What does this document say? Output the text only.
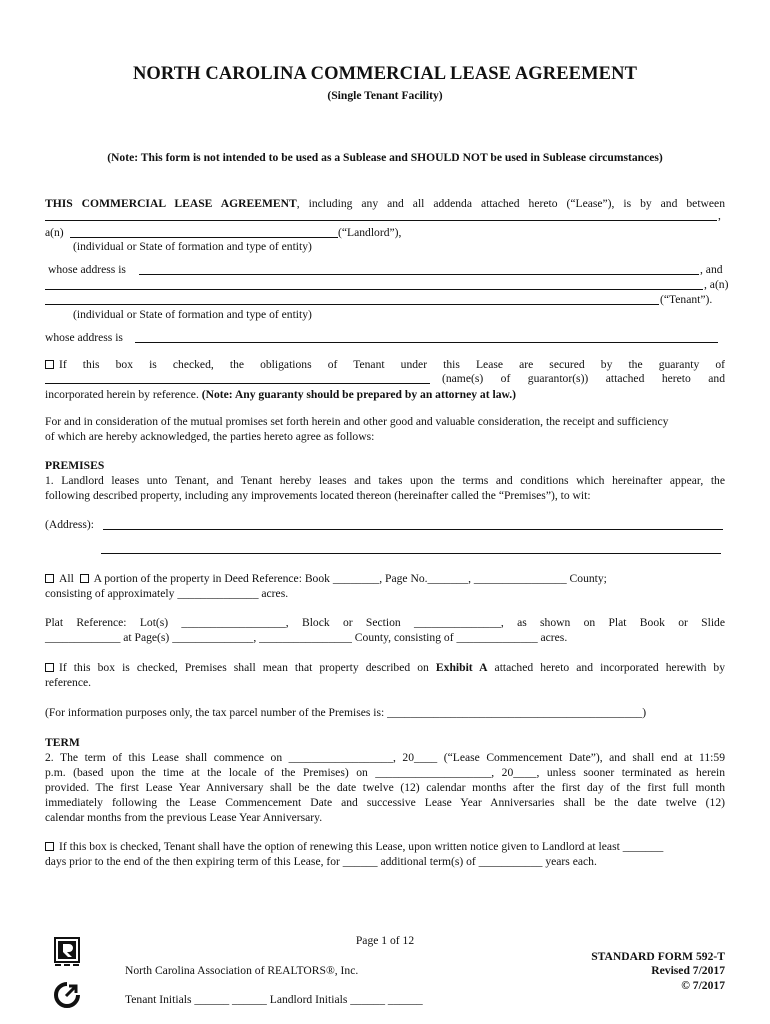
NORTH CAROLINA COMMERCIAL LEASE AGREEMENT
(Single Tenant Facility)
(Note: This form is not intended to be used as a Sublease and SHOULD NOT be used in Sublease circumstances)
THIS COMMERCIAL LEASE AGREEMENT, including any and all addenda attached hereto (“Lease”), is by and between
,
a(n)	(“Landlord”),
(individual or State of formation and type of entity)
whose address is	, and
, a(n)
(“Tenant”).
(individual or State of formation and type of entity)
whose address is
If this box is checked, the obligations of Tenant under this Lease are secured by the guaranty of
(name(s) of guarantor(s)) attached hereto and
incorporated herein by reference. (Note: Any guaranty should be prepared by an attorney at law.)
For and in consideration of the mutual promises set forth herein and other good and valuable consideration, the receipt and sufficiency
of which are hereby acknowledged, the parties hereto agree as follows:
PREMISES
1. Landlord leases unto Tenant, and Tenant hereby leases and takes upon the terms and conditions which hereinafter appear, the
following described property, including any improvements located thereon (hereinafter called the “Premises”), to wit:
(Address):
All A portion of the property in Deed Reference: Book ________, Page No._______, ________________ County;
consisting of approximately ______________ acres.
Plat Reference: Lot(s) __________________, Block or Section _______________, as shown on Plat Book or Slide
_____________ at Page(s) ______________, ________________ County, consisting of ______________ acres.
If this box is checked, Premises shall mean that property described on Exhibit A attached hereto and incorporated herewith by
reference.
(For information purposes only, the tax parcel number of the Premises is: ____________________________________________)
TERM
2. The term of this Lease shall commence on __________________, 20____ (“Lease Commencement Date”), and shall end at 11:59
p.m. (based upon the time at the locale of the Premises) on ____________________, 20____, unless sooner terminated as herein
provided. The first Lease Year Anniversary shall be the date twelve (12) calendar months after the first day of the first full month
immediately following the Lease Commencement Date and successive Lease Year Anniversaries shall be the date twelve (12)
calendar months from the previous Lease Year Anniversary.
If this box is checked, Tenant shall have the option of renewing this Lease, upon written notice given to Landlord at least _______
days prior to the end of the then expiring term of this Lease, for ______ additional term(s) of ___________ years each.
Page 1 of 12
North Carolina Association of REALTORS®, Inc.
Tenant Initials ______ ______ Landlord Initials ______ ______
STANDARD FORM 592-T
Revised 7/2017
© 7/2017
